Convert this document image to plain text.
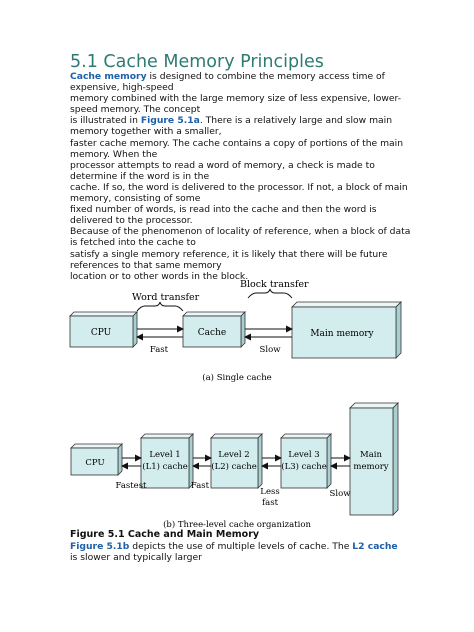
5.1 Cache Memory Principles
Cache memory is designed to combine the memory access time of
expensive, high-speed
memory combined with the large memory size of less expensive, lower-
speed memory. The concept
is illustrated in Figure 5.1a. There is a relatively large and slow main
memory together with a smaller,
faster cache memory. The cache contains a copy of portions of the main
memory. When the
processor attempts to read a word of memory, a check is made to
determine if the word is in the
cache. If so, the word is delivered to the processor. If not, a block of main
memory, consisting of some
fixed number of words, is read into the cache and then the word is
delivered to the processor.
Because of the phenomenon of locality of reference, when a block of data
is fetched into the cache to
satisfy a single memory reference, it is likely that there will be future
references to that same memory
location or to other words in the block.
Word transfer
Block transfer
CPU	Cache	Main memory
Fast	Slow
(a) Single cache
CPU
Level 1
(L1) cache
Level 2
(L2) cache
Level 3
(L3) cache
Main
memory
Fastest	Fast
Less
fast
Slow
(b) Three-level cache organization
Figure 5.1 Cache and Main Memory
Figure 5.1b depicts the use of multiple levels of cache. The L2 cache
is slower and typically larger
